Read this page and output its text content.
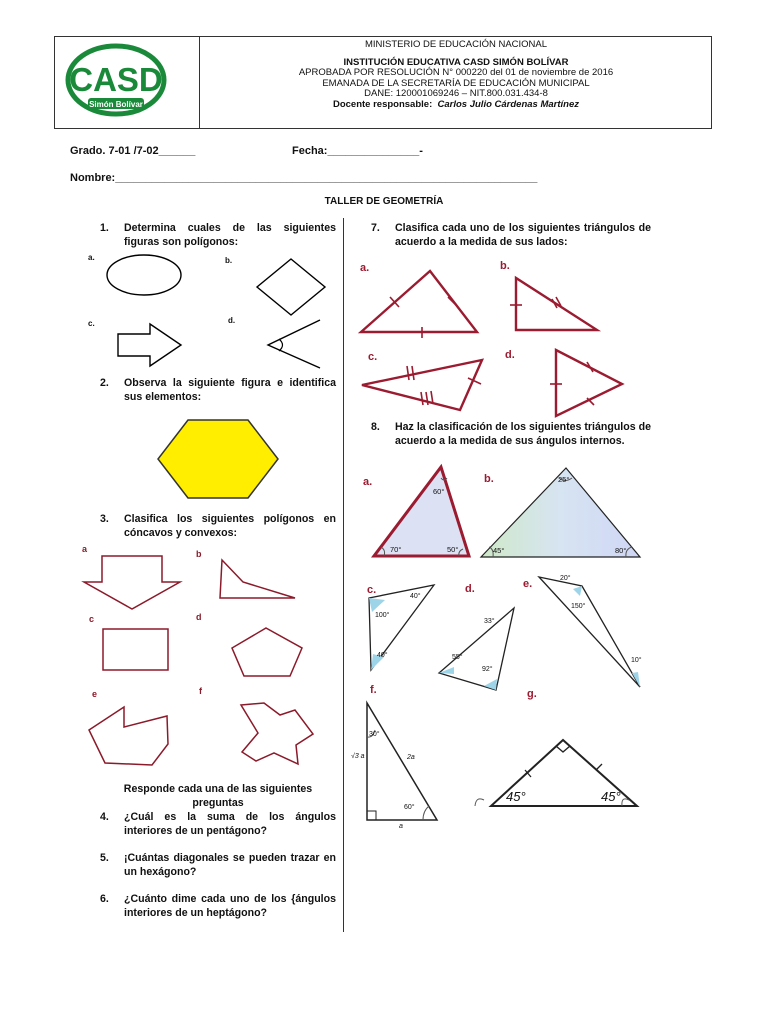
CASD
Simón Bolívar
MINISTERIO DE EDUCACIÓN NACIONAL
INSTITUCIÓN EDUCATIVA CASD SIMÓN BOLÍVAR
APROBADA POR RESOLUCIÓN N° 000220 del 01 de noviembre de 2016
EMANADA DE LA SECRETARÍA DE EDUCACIÓN MUNICIPAL
DANE: 120001069246 – NIT.800.031.434-8
Docente responsable: Carlos Julio Cárdenas Martínez
Grado. 7-01 /7-02______	Fecha:_______________-
Nombre:_____________________________________________________________________
TALLER DE GEOMETRÍA
1. Determina cuales de las siguientes figuras son polígonos:
a.	b.
c.	d.
2. Observa la siguiente figura e identifica sus elementos:
3. Clasifica los siguientes polígonos en cóncavos y convexos:
a	b
c	d
e	f
Responde cada una de las siguientes preguntas
4. ¿Cuál es la suma de los ángulos interiores de un pentágono?
5. ¡Cuántas diagonales se pueden trazar en un hexágono?
6. ¿Cuánto dime cada uno de los {ángulos interiores de un heptágono?
7. Clasifica cada uno de los siguientes triángulos de acuerdo a la medida de sus lados:
a.	b.
c.	d.
8. Haz la clasificación de los siguientes triángulos de acuerdo a la medida de sus ángulos internos.
a.	b.
c.	d.	e.
f.	g.
60°
70°	50°
25°
45°	80°
100°
40°
40°
33°
55°
92°
20°
150°
10°
30°
60°
√3 a	2a
a
45°	45°
